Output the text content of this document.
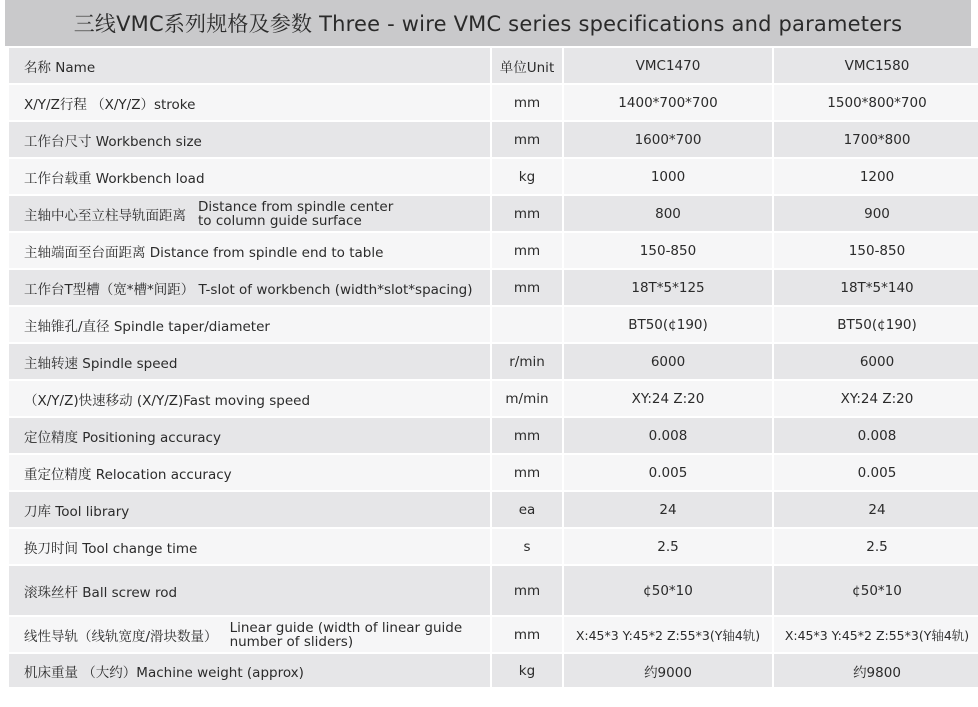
三线VMC系列规格及参数 Three - wire VMC series specifications and parameters
名称 Name	单位Unit	VMC1470	VMC1580
X/Y/Z行程 （X/Y/Z）stroke	mm	1400*700*700	1500*800*700
工作台尺寸 Workbench size	mm	1600*700	1700*800
工作台载重 Workbench load	kg	1000	1200

主轴中心至立柱导轨面距离
Distance from spindle center
to column guide surface	mm	800	900
主轴端面至台面距离 Distance from spindle end to table	mm	150-850	150-850
工作台T型槽（宽*槽*间距） T-slot of workbench (width*slot*spacing)	mm	18T*5*125	18T*5*140
主轴锥孔/直径 Spindle taper/diameter		BT50(¢190)	BT50(¢190)
主轴转速 Spindle speed	r/min	6000	6000
（X/Y/Z)快速移动 (X/Y/Z)Fast moving speed	m/min	XY:24 Z:20	XY:24 Z:20
定位精度 Positioning accuracy	mm	0.008	0.008
重定位精度 Relocation accuracy	mm	0.005	0.005
刀库 Tool library	ea	24	24
换刀时间 Tool change time	s	2.5	2.5
滚珠丝杆 Ball screw rod	mm	¢50*10	¢50*10

线性导轨（线轨宽度/滑块数量）
Linear guide (width of linear guide
number of sliders)	mm	X:45*3 Y:45*2 Z:55*3(Y轴4轨)	X:45*3 Y:45*2 Z:55*3(Y轴4轨)
机床重量 （大约）Machine weight (approx)	kg	约9000	约9800
